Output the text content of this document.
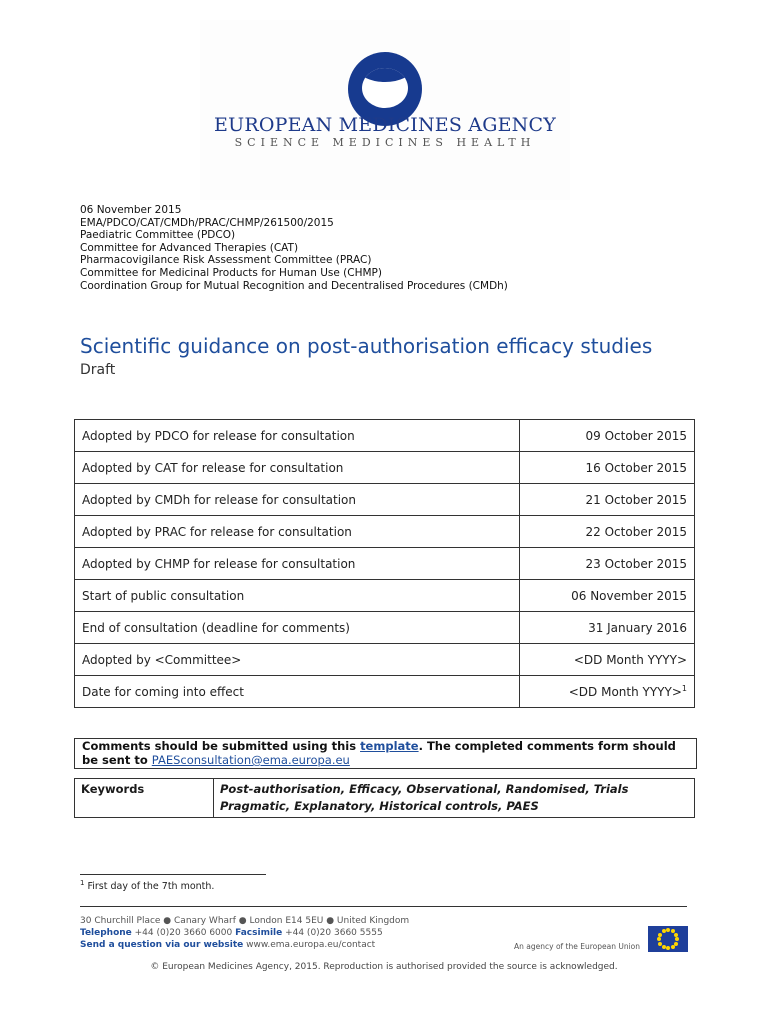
EUROPEAN MEDICINES AGENCY
SCIENCE MEDICINES HEALTH
06 November 2015
EMA/PDCO/CAT/CMDh/PRAC/CHMP/261500/2015
Paediatric Committee (PDCO)
Committee for Advanced Therapies (CAT)
Pharmacovigilance Risk Assessment Committee (PRAC)
Committee for Medicinal Products for Human Use (CHMP)
Coordination Group for Mutual Recognition and Decentralised Procedures (CMDh)
Scientific guidance on post-authorisation efficacy studies
Draft
Adopted by PDCO for release for consultation	09 October 2015
Adopted by CAT for release for consultation	16 October 2015
Adopted by CMDh for release for consultation	21 October 2015
Adopted by PRAC for release for consultation	22 October 2015
Adopted by CHMP for release for consultation	23 October 2015
Start of public consultation	06 November 2015
End of consultation (deadline for comments)	31 January 2016
Adopted by <Committee>	<DD Month YYYY>
Date for coming into effect	<DD Month YYYY>$^1$
Comments should be submitted using this template. The completed comments form should be sent to PAESconsultation@ema.europa.eu
Keywords	Post-authorisation, Efficacy, Observational, Randomised, Trials
Pragmatic, Explanatory, Historical controls, PAES
$^1$ First day of the 7th month.
30 Churchill Place ● Canary Wharf ● London E14 5EU ● United Kingdom
Telephone +44 (0)20 3660 6000 Facsimile +44 (0)20 3660 5555
Send a question via our website www.ema.europa.eu/contact	An agency of the European Union
© European Medicines Agency, 2015. Reproduction is authorised provided the source is acknowledged.
